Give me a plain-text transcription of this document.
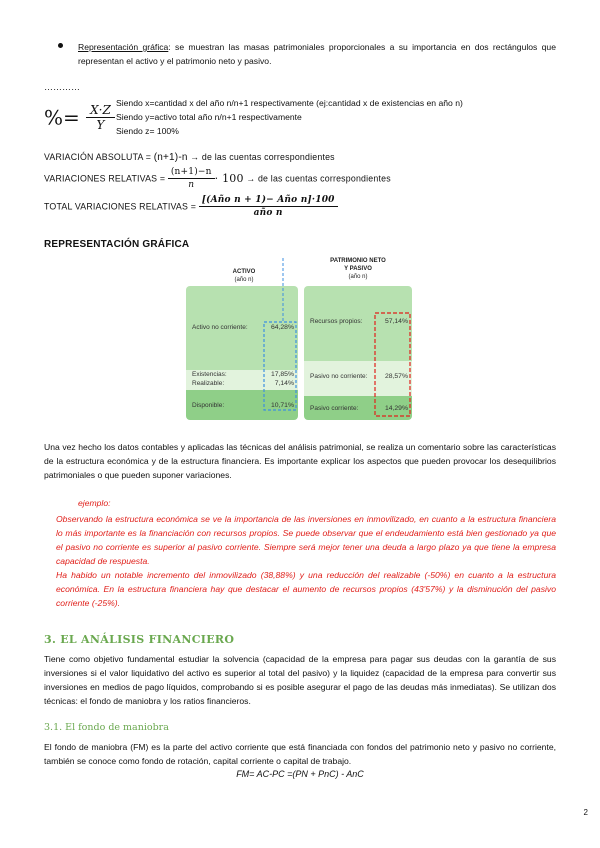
Representación gráfica: se muestran las masas patrimoniales proporcionales a su importancia en dos rectángulos que representan el activo y el patrimonio neto y pasivo.
…………
%= $\frac{X\cdot Z}{Y}$ Siendo x=cantidad x del año n/n+1 respectivamente (ej:cantidad x de existencias en año n)
Siendo y=activo total año n/n+1 respectivamente
Siendo z= 100%
VARIACIÓN ABSOLUTA = (n+1)-n → de las cuentas correspondientes
VARIACIONES RELATIVAS = $\frac{(n+1)-n}{n} \cdot 100$ → de las cuentas correspondientes
TOTAL VARIACIONES RELATIVAS = $\frac{\text{[(Año n + 1)− Año n]·100}}{\text{año n}}$
REPRESENTACIÓN GRÁFICA
ACTIVO
(año n)
PATRIMONIO NETO
Y PASIVO
(año n)
Activo no corriente:	64,28%
Existencias:	17,85%
Realizable:	7,14%
Disponible:	10,71%
Recursos propios:	57,14%
Pasivo no corriente:	28,57%
Pasivo corriente:	14,29%
Una vez hecho los datos contables y aplicadas las técnicas del análisis patrimonial, se realiza un comentario sobre las características de la estructura económica y de la estructura financiera. Es importante explicar los aspectos que pueden provocar los desequilibrios patrimoniales o que pueden suponer variaciones.
ejemplo:
Observando la estructura económica se ve la importancia de las inversiones en inmovilizado, en cuanto a la estructura financiera lo más importante es la financiación con recursos propios. Se puede observar que el endeudamiento está bien gestionado ya que el pasivo no corriente es superior al pasivo corriente. Siempre será mejor tener una deuda a largo plazo ya que tiene la empresa capacidad de respuesta.
Ha habido un notable incremento del inmovilizado (38,88%) y una reducción del realizable (-50%) en cuanto a la estructura económica. En la estructura financiera hay que destacar el aumento de recursos propios (43'57%) y la disminución del pasivo corriente (-25%).
3. EL ANÁLISIS FINANCIERO
Tiene como objetivo fundamental estudiar la solvencia (capacidad de la empresa para pagar sus deudas con la garantía de sus inversiones si el valor liquidativo del activo es superior al total del pasivo) y la liquidez (capacidad de la empresa para convertir sus inversiones en medios de pago líquidos, comprobando si es posible asegurar el pago de las deudas más inmediatas). Se utilizan dos técnicas: el fondo de maniobra y los ratios financieros.
3.1. El fondo de maniobra
El fondo de maniobra (FM) es la parte del activo corriente que está financiada con fondos del patrimonio neto y pasivo no corriente, también se conoce como fondo de rotación, capital corriente o capital de trabajo.
FM= AC-PC =(PN + PnC) - AnC
2
